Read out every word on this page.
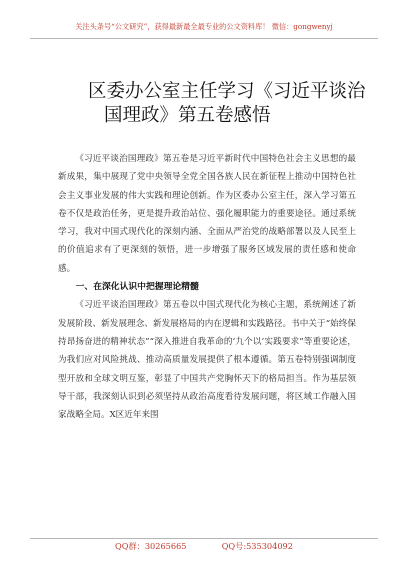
关注头条号“公文研究”，获得最新最全最专业的公文资料库！ 微信：gongwenyj
区委办公室主任学习《习近平谈治
国理政》第五卷感悟

《习近平谈治国理政》第五卷是习近平新时代中国特色社会主义思想的最新成果，集中展现了党中央领导全党全国各族人民在新征程上推动中国特色社会主义事业发展的伟大实践和理论创新。作为区委办公室主任，深入学习第五卷不仅是政治任务，更是提升政治站位、强化履职能力的重要途径。通过系统学习，我对中国式现代化的深刻内涵、全面从严治党的战略部署以及人民至上的价值追求有了更深刻的领悟，进一步增强了服务区域发展的责任感和使命感。

一、在深化认识中把握理论精髓

《习近平谈治国理政》第五卷以中国式现代化为核心主题，系统阐述了新发展阶段、新发展理念、新发展格局的内在逻辑和实践路径。书中关于“始终保持昂扬奋进的精神状态”“深入推进自我革命的‘九个以’实践要求”等重要论述，为我们应对风险挑战、推动高质量发展提供了根本遵循。第五卷特别强调制度型开放和全球文明互鉴，彰显了中国共产党胸怀天下的格局担当。作为基层领导干部，我深刻认识到必须坚持从政治高度看待发展问题，将区域工作融入国家战略全局。X区近年来围

QQ群：30265665	QQ号:535304092
